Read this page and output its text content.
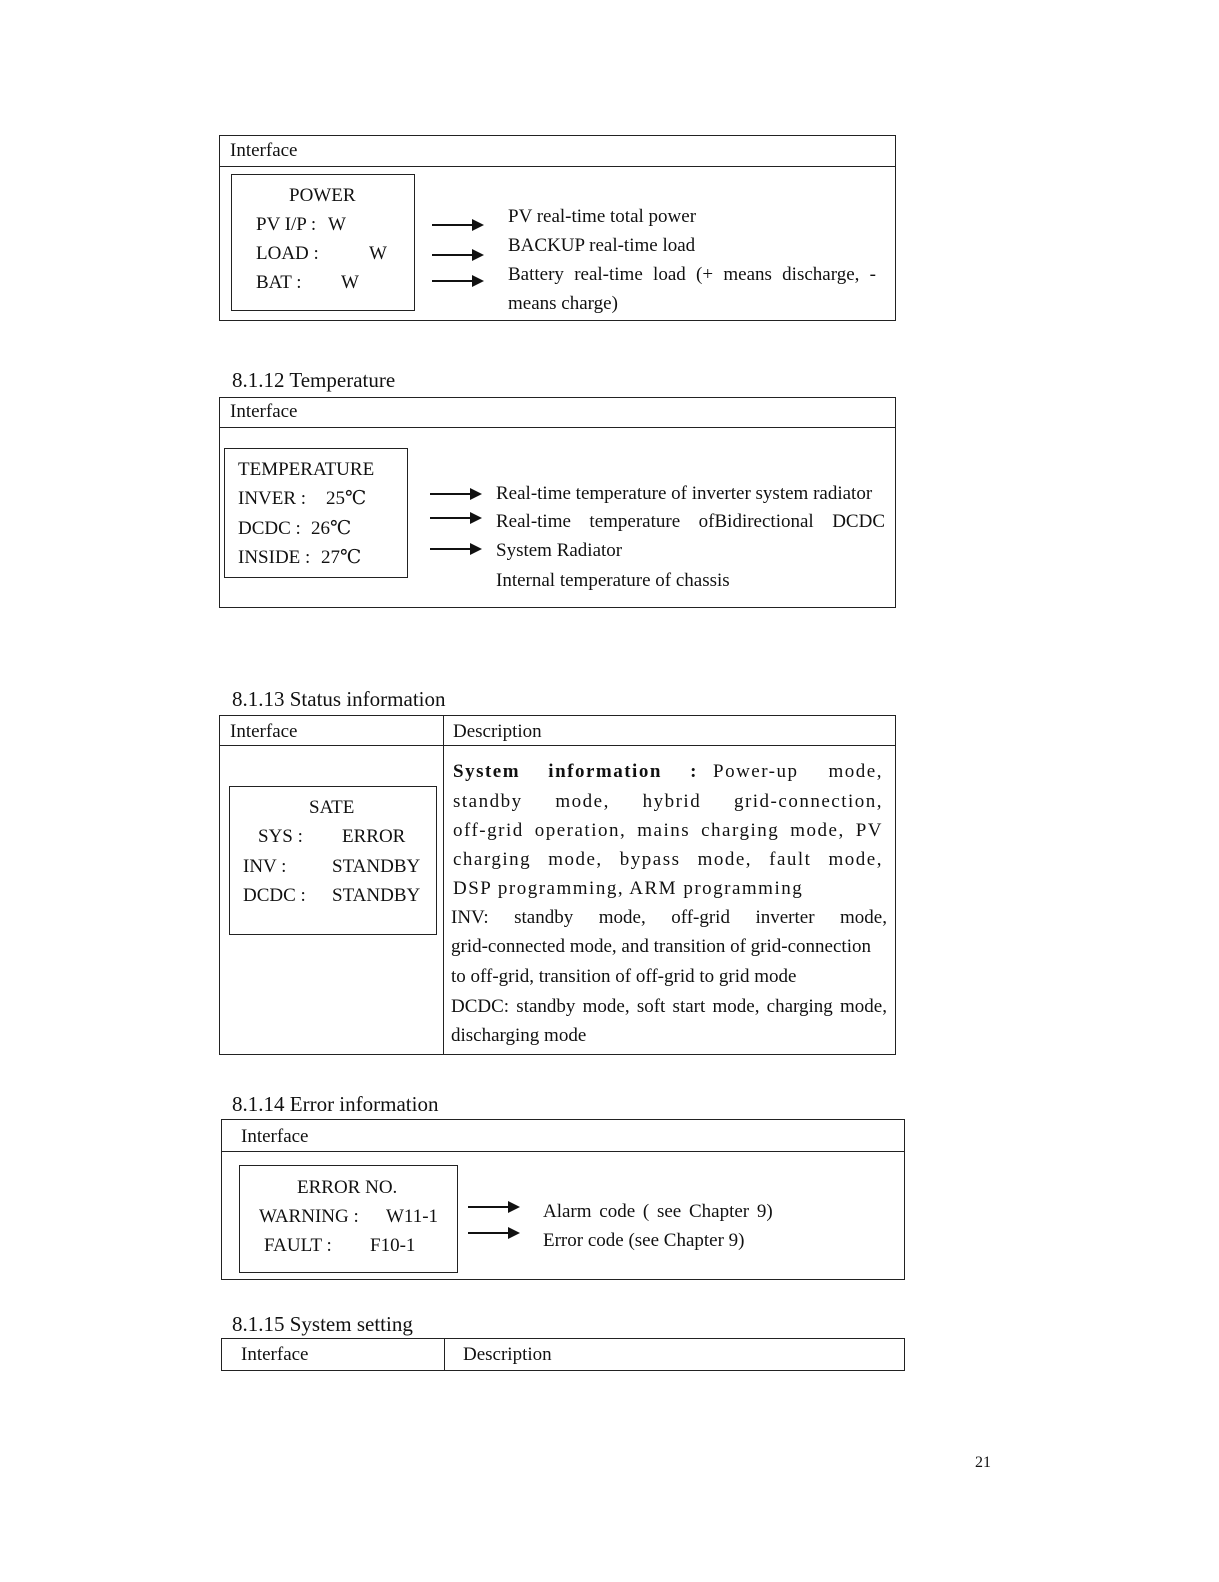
Interface
POWER
PV I/P : W
LOAD :	W
BAT : W
PV real-time total power
BACKUP real-time load
Battery real-time load (+ means discharge, -
means charge)
8.1.12 Temperature
Interface
TEMPERATURE
INVER : 25℃
DCDC : 26℃
INSIDE : 27℃
Real-time temperature of inverter system radiator
Real-time temperature ofBidirectional DCDC
System Radiator
Internal temperature of chassis
8.1.13 Status information
Interface	Description
SATE
SYS : ERROR
INV : STANDBY
DCDC : STANDBY
System information : Power-up mode,
standby mode, hybrid grid-connection,
off-grid operation, mains charging mode, PV
charging mode, bypass mode, fault mode,
DSP programming, ARM programming
INV: standby mode, off-grid inverter mode,
grid-connected mode, and transition of grid-connection
to off-grid, transition of off-grid to grid mode
DCDC: standby mode, soft start mode, charging mode,
discharging mode
8.1.14 Error information
Interface
ERROR NO.
WARNING : W11-1
FAULT : F10-1
Alarm code ( see Chapter 9)
Error code (see Chapter 9)
8.1.15 System setting
Interface	Description
21
